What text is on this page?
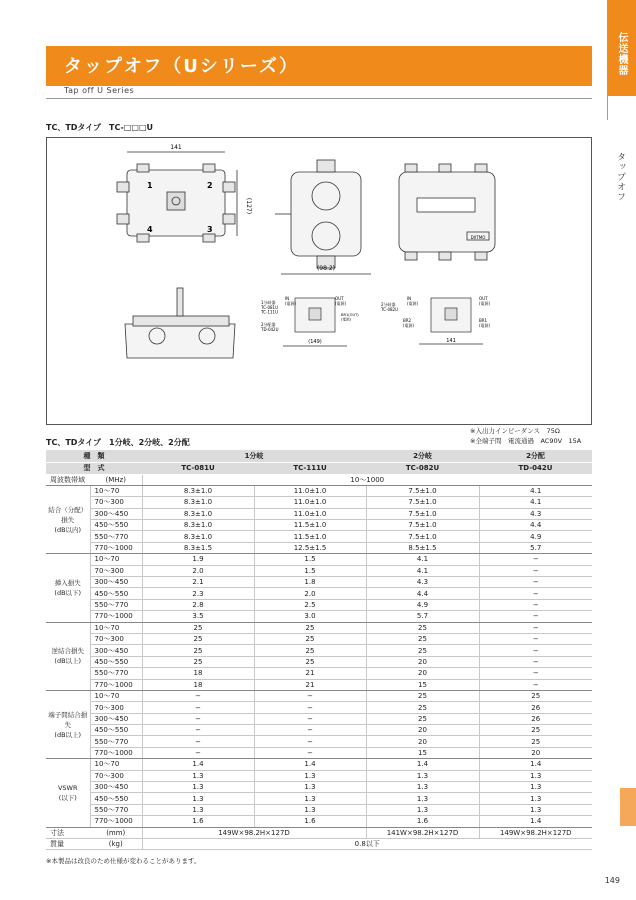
タップオフ（Uシリーズ）
Tap off U Series
伝送機器
タップオフ
149
TC、TDタイプ　TC-□□□U
141
(127)
1	2
3
4
(98.2)
DXTMO
1分岐器 TC-081U TC-111U
2分配器 TD-042U
IN (電源)
OUT (電源)
BR1(OUT) (電源)
(149)
2分岐器 TC-082U
IN (電源)
OUT (電源)
BR2 (電源)
BR1 (電源)
141
TC、TDタイプ　1分岐、2分岐、2分配
※入出力インピーダンス　75Ω
※全端子間　電流通過　AC90V　15A
種　類		1分岐		2分岐	2分配
型　式		TC-081U	TC-111U	TC-082U	TD-042U
周波数帯域	(MHz)	10〜1000			
結合（分配）損失
(dB以内)	10〜70	8.3±1.0	11.0±1.0	7.5±1.0	4.1
	70〜300	8.3±1.0	11.0±1.0	7.5±1.0	4.1
	300〜450	8.3±1.0	11.0±1.0	7.5±1.0	4.3
	450〜550	8.3±1.0	11.5±1.0	7.5±1.0	4.4
	550〜770	8.3±1.0	11.5±1.0	7.5±1.0	4.9
	770〜1000	8.3±1.5	12.5±1.5	8.5±1.5	5.7
挿入損失
(dB以下)	10〜70	1.9	1.5	4.1	−
	70〜300	2.0	1.5	4.1	−
	300〜450	2.1	1.8	4.3	−
	450〜550	2.3	2.0	4.4	−
	550〜770	2.8	2.5	4.9	−
	770〜1000	3.5	3.0	5.7	−
逆結合損失
(dB以上)	10〜70	25	25	25	−
	70〜300	25	25	25	−
	300〜450	25	25	25	−
	450〜550	25	25	20	−
	550〜770	18	21	20	−
	770〜1000	18	21	15	−
端子間結合損失
(dB以上)	10〜70	−	−	25	25
	70〜300	−	−	25	26
	300〜450	−	−	25	26
	450〜550	−	−	20	25
	550〜770	−	−	20	25
	770〜1000	−	−	15	20
VSWR
(以下)	10〜70	1.4	1.4	1.4	1.4
	70〜300	1.3	1.3	1.3	1.3
	300〜450	1.3	1.3	1.3	1.3
	450〜550	1.3	1.3	1.3	1.3
	550〜770	1.3	1.3	1.3	1.3
	770〜1000	1.6	1.6	1.6	1.4
寸法	(mm)	149W×98.2H×127D		141W×98.2H×127D	149W×98.2H×127D
質量	(kg)	0.8以下			
※本製品は改良のため仕様が変わることがあります。
